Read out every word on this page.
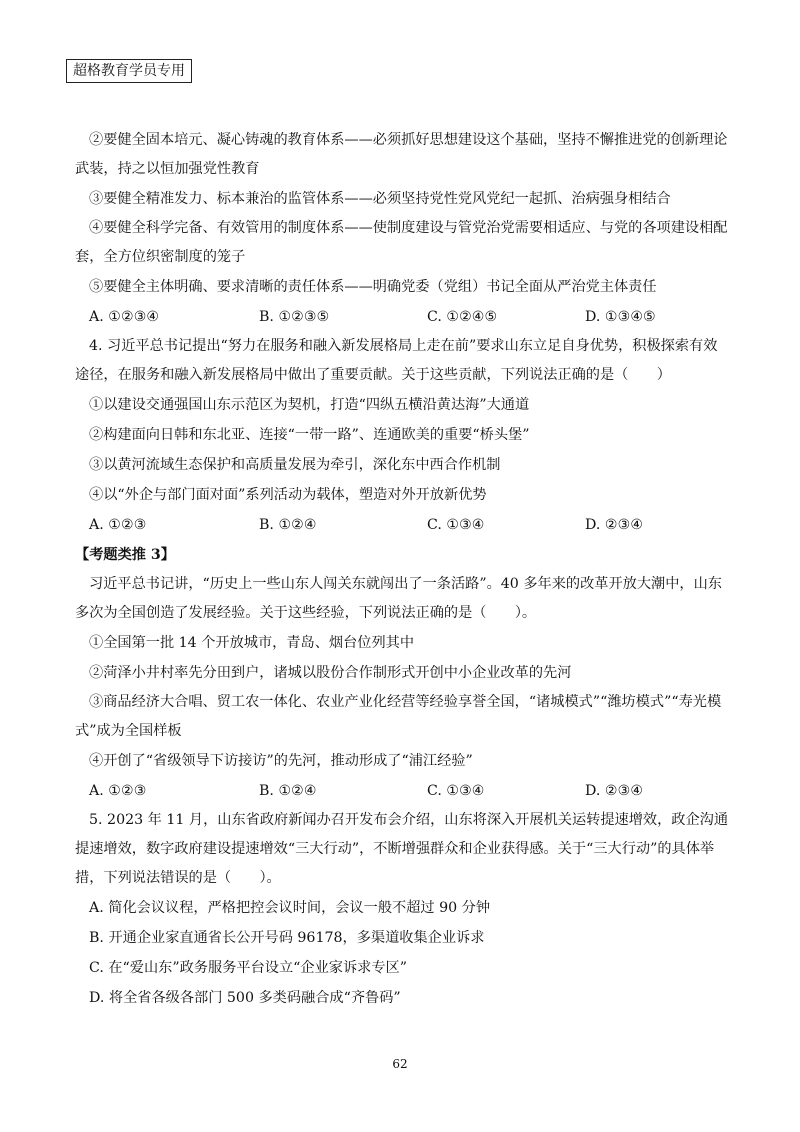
超格教育学员专用
②要健全固本培元、凝心铸魂的教育体系——必须抓好思想建设这个基础，坚持不懈推进党的创新理论武装，持之以恒加强党性教育
③要健全精准发力、标本兼治的监管体系——必须坚持党性党风党纪一起抓、治病强身相结合
④要健全科学完备、有效管用的制度体系——使制度建设与管党治党需要相适应、与党的各项建设相配套，全方位织密制度的笼子
⑤要健全主体明确、要求清晰的责任体系——明确党委（党组）书记全面从严治党主体责任
A. ①②③④	B. ①②③⑤	C. ①②④⑤	D. ①③④⑤
4. 习近平总书记提出“努力在服务和融入新发展格局上走在前”要求山东立足自身优势，积极探索有效途径，在服务和融入新发展格局中做出了重要贡献。关于这些贡献，下列说法正确的是（　　）
①以建设交通强国山东示范区为契机，打造“四纵五横沿黄达海”大通道
②构建面向日韩和东北亚、连接“一带一路”、连通欧美的重要“桥头堡”
③以黄河流域生态保护和高质量发展为牵引，深化东中西合作机制
④以“外企与部门面对面”系列活动为载体，塑造对外开放新优势
A. ①②③	B. ①②④	C. ①③④	D. ②③④
【考题类推 3】
习近平总书记讲，“历史上一些山东人闯关东就闯出了一条活路”。40 多年来的改革开放大潮中，山东多次为全国创造了发展经验。关于这些经验，下列说法正确的是（　　）。
①全国第一批 14 个开放城市，青岛、烟台位列其中
②菏泽小井村率先分田到户，诸城以股份合作制形式开创中小企业改革的先河
③商品经济大合唱、贸工农一体化、农业产业化经营等经验享誉全国，“诸城模式”“潍坊模式”“寿光模式”成为全国样板
④开创了“省级领导下访接访”的先河，推动形成了“浦江经验”
A. ①②③	B. ①②④	C. ①③④	D. ②③④
5. 2023 年 11 月，山东省政府新闻办召开发布会介绍，山东将深入开展机关运转提速增效，政企沟通提速增效，数字政府建设提速增效“三大行动”，不断增强群众和企业获得感。关于“三大行动”的具体举措，下列说法错误的是（　　）。
A. 简化会议议程，严格把控会议时间，会议一般不超过 90 分钟
B. 开通企业家直通省长公开号码 96178，多渠道收集企业诉求
C. 在“爱山东”政务服务平台设立“企业家诉求专区”
D. 将全省各级各部门 500 多类码融合成“齐鲁码”
62
